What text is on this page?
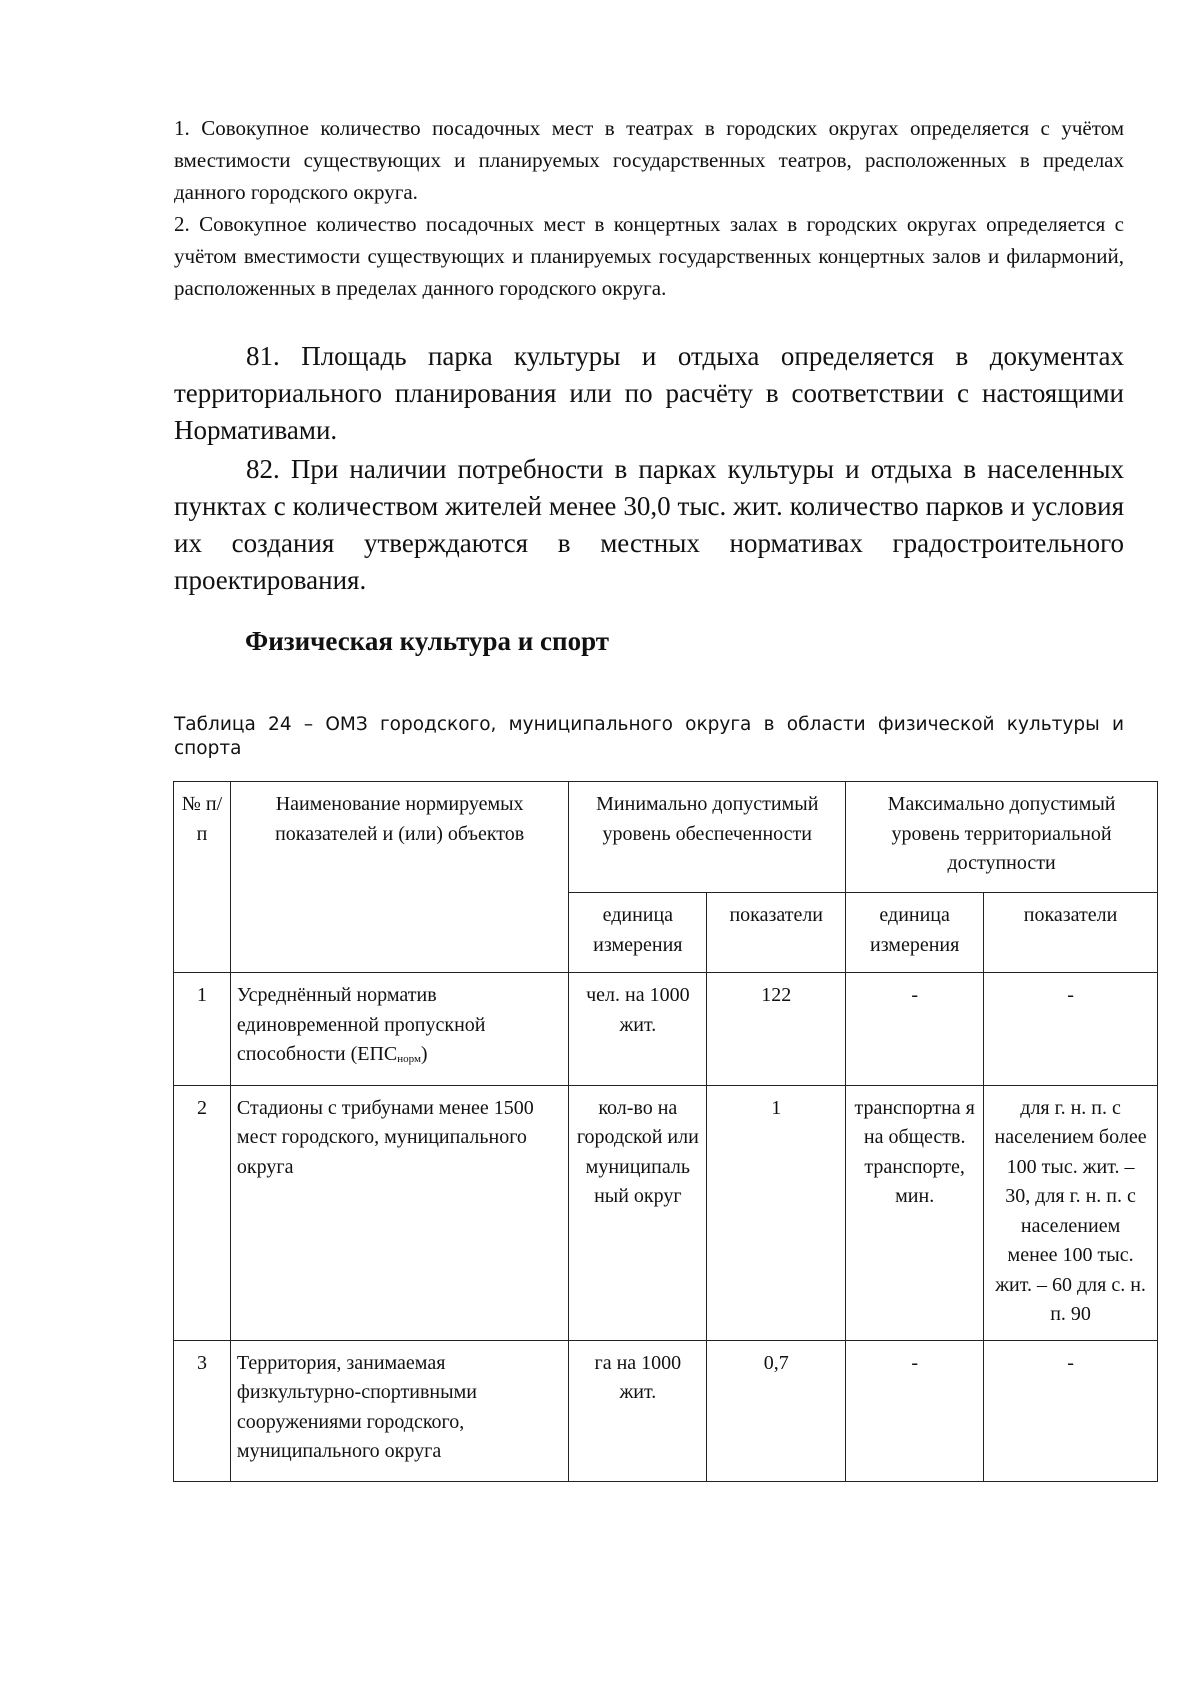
1. Совокупное количество посадочных мест в театрах в городских округах определяется с учётом вместимости существующих и планируемых государственных театров, расположенных в пределах данного городского округа.

2. Совокупное количество посадочных мест в концертных залах в городских округах определяется с учётом вместимости существующих и планируемых государственных концертных залов и филармоний, расположенных в пределах данного городского округа.

81. Площадь парка культуры и отдыха определяется в документах территориального планирования или по расчёту в соответствии с настоящими Нормативами.

82. При наличии потребности в парках культуры и отдыха в населенных пунктах с количеством жителей менее 30,0 тыс. жит. количество парков и условия их создания утверждаются в местных нормативах градостроительного проектирования.

Физическая культура и спорт

Таблица 24 – ОМЗ городского, муниципального округа в области физической культуры и спорта

№ п/п	Наименование нормируемых показателей и (или) объектов	Минимально допустимый уровень обеспеченности		Максимально допустимый уровень территориальной доступности	
		единица измерения	показатели	единица измерения	показатели
1	Усреднённый норматив единовременной пропускной способности $(ЕПС_{норм})$	чел. на 1000 жит.	122	-	-
2	Стадионы с трибунами менее 1500 мест городского, муниципального округа	кол-во на городской или муниципаль ный округ	1	транспортна я на обществ. транспорте, мин.	для г. н. п. с населением более 100 тыс. жит. – 30, для г. н. п. с населением менее 100 тыс. жит. – 60 для с. н. п. 90
3	Территория, занимаемая физкультурно-спортивными сооружениями городского, муниципального округа	га на 1000 жит.	0,7	-	-
